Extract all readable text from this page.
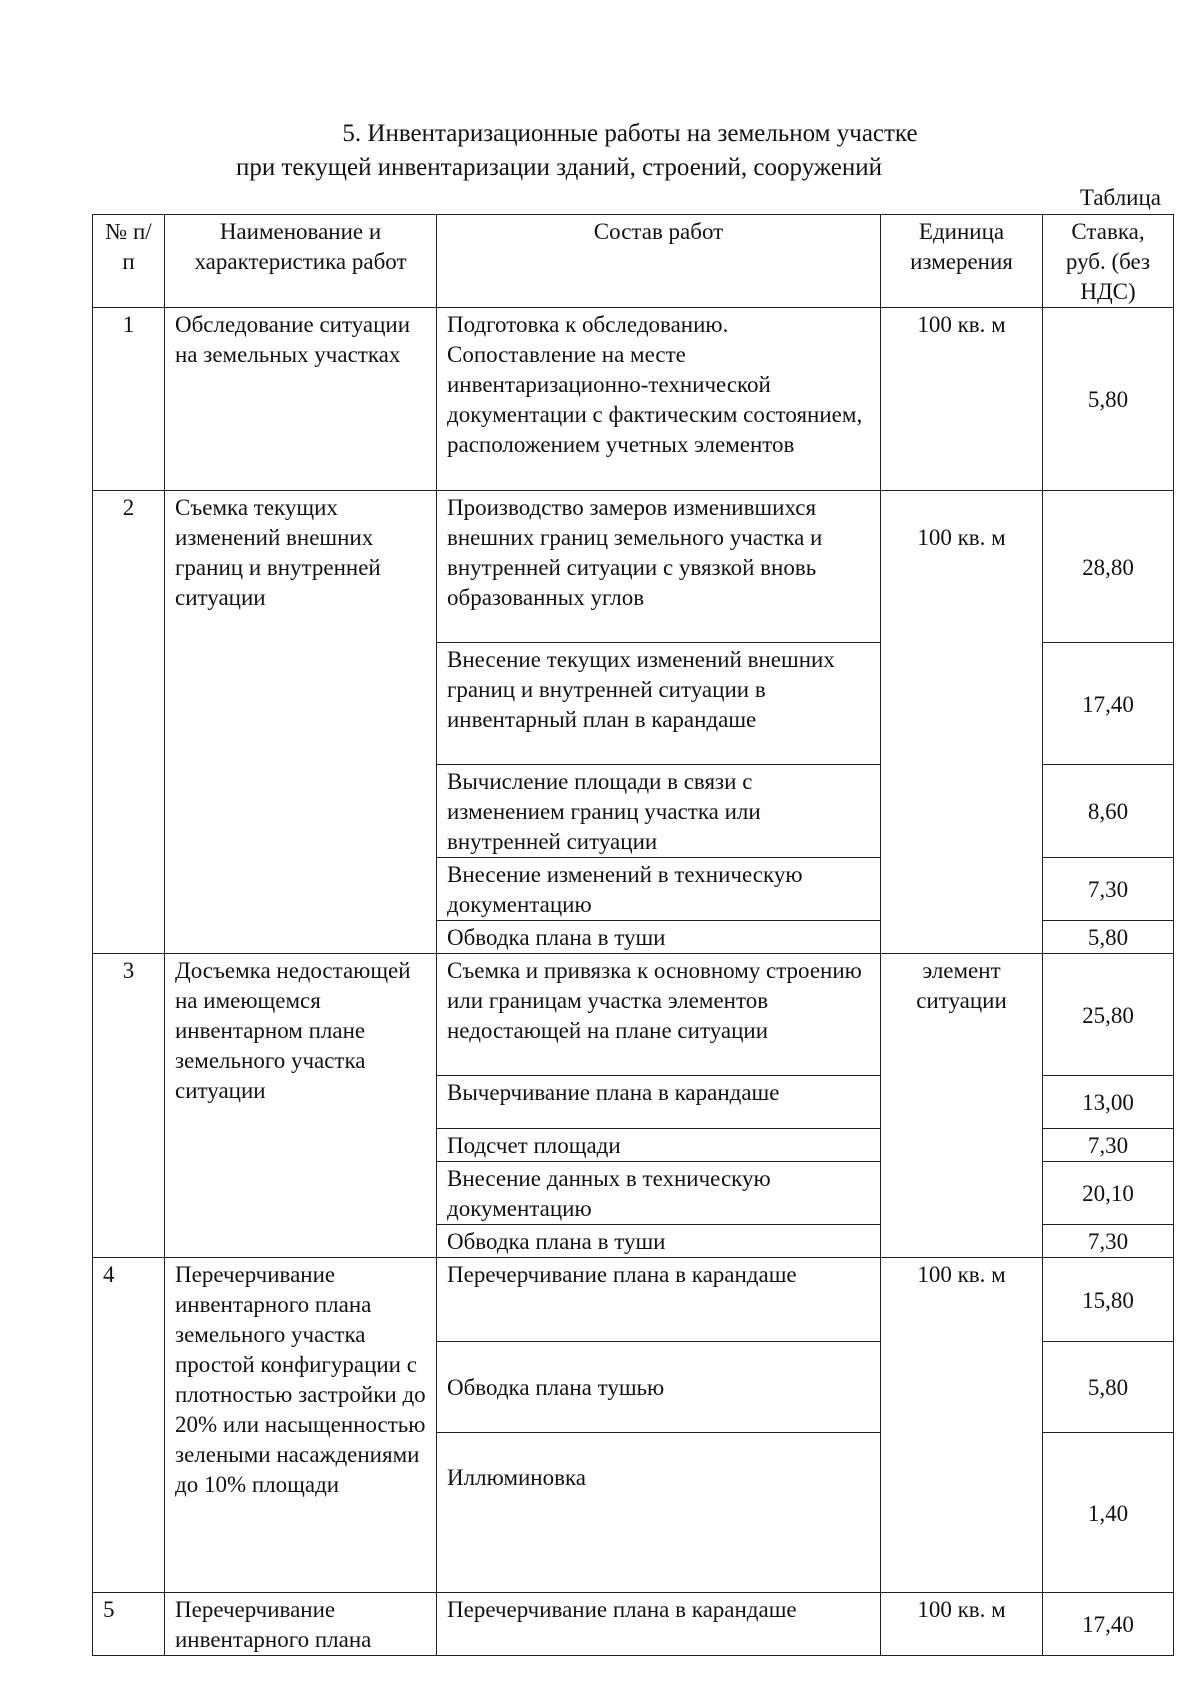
5. Инвентаризационные работы на земельном участке

при текущей инвентаризации зданий, строений, сооружений

Таблица

№ п/п	Наименование и характеристика работ	Состав работ	Единица измерения	Ставка, руб. (без НДС)
1	Обследование ситуации на земельных участках	Подготовка к обследованию. Сопоставление на месте инвентаризационно-технической документации с фактическим состоянием, расположением учетных элементов	100 кв. м	5,80
2	Съемка текущих изменений внешних границ и внутренней ситуации	Производство замеров изменившихся внешних границ земельного участка и внутренней ситуации с увязкой вновь образованных углов	100 кв. м	28,80
		Внесение текущих изменений внешних границ и внутренней ситуации в инвентарный план в карандаше		17,40
		Вычисление площади в связи с изменением границ участка или внутренней ситуации		8,60
		Внесение изменений в техническую документацию		7,30
		Обводка плана в туши		5,80
3	Досъемка недостающей на имеющемся инвентарном плане земельного участка ситуации	Съемка и привязка к основному строению или границам участка элементов недостающей на плане ситуации	элемент ситуации	25,80
		Вычерчивание плана в карандаше		13,00
		Подсчет площади		7,30
		Внесение данных в техническую документацию		20,10
		Обводка плана в туши		7,30
4	Перечерчивание инвентарного плана земельного участка простой конфигурации с плотностью застройки до 20% или насыщенностью зелеными насаждениями до 10% площади	Перечерчивание плана в карандаше	100 кв. м	15,80
		Обводка плана тушью		5,80
		Иллюминовка		1,40
5	Перечерчивание инвентарного плана	Перечерчивание плана в карандаше	100 кв. м	17,40
